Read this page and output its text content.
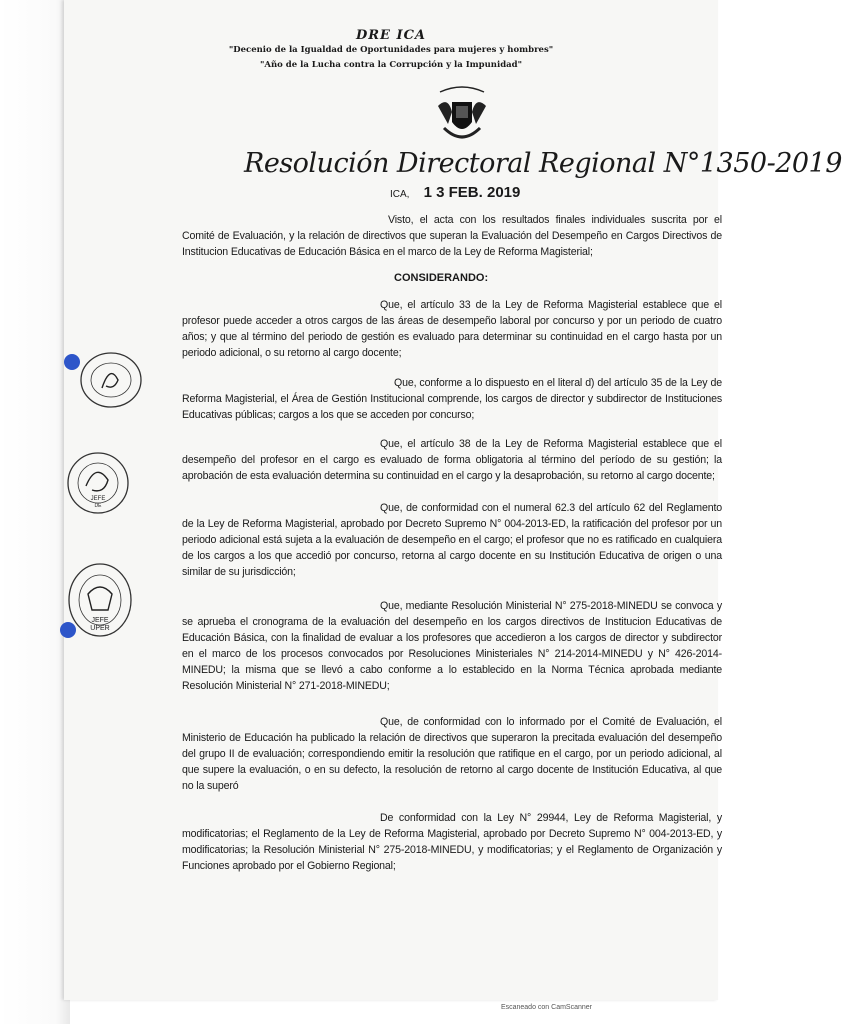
DRE ICA
"Decenio de la Igualdad de Oportunidades para mujeres y hombres"
"Año de la Lucha contra la Corrupción y la Impunidad"
Resolución Directoral Regional N°1350-2019
ICA, 1 3 FEB. 2019
Visto, el acta con los resultados finales individuales suscrita por el Comité de Evaluación, y la relación de directivos que superan la Evaluación del Desempeño en Cargos Directivos de Institucion Educativas de Educación Básica en el marco de la Ley de Reforma Magisterial;
CONSIDERANDO:
Que, el artículo 33 de la Ley de Reforma Magisterial establece que el profesor puede acceder a otros cargos de las áreas de desempeño laboral por concurso y por un periodo de cuatro años; y que al término del periodo de gestión es evaluado para determinar su continuidad en el cargo hasta por un periodo adicional, o su retorno al cargo docente;
Que, conforme a lo dispuesto en el literal d) del artículo 35 de la Ley de Reforma Magisterial, el Área de Gestión Institucional comprende, los cargos de director y subdirector de Instituciones Educativas públicas; cargos a los que se acceden por concurso;
Que, el artículo 38 de la Ley de Reforma Magisterial establece que el desempeño del profesor en el cargo es evaluado de forma obligatoria al término del período de su gestión; la aprobación de esta evaluación determina su continuidad en el cargo y la desaprobación, su retorno al cargo docente;
Que, de conformidad con el numeral 62.3 del artículo 62 del Reglamento de la Ley de Reforma Magisterial, aprobado por Decreto Supremo N° 004-2013-ED, la ratificación del profesor por un periodo adicional está sujeta a la evaluación de desempeño en el cargo; el profesor que no es ratificado en cualquiera de los cargos a los que accedió por concurso, retorna al cargo docente en su Institución Educativa de origen o una similar de su jurisdicción;
Que, mediante Resolución Ministerial N° 275-2018-MINEDU se convoca y se aprueba el cronograma de la evaluación del desempeño en los cargos directivos de Institucion Educativas de Educación Básica, con la finalidad de evaluar a los profesores que accedieron a los cargos de director y subdirector en el marco de los procesos convocados por Resoluciones Ministeriales N° 214-2014-MINEDU y N° 426-2014-MINEDU; la misma que se llevó a cabo conforme a lo establecido en la Norma Técnica aprobada mediante Resolución Ministerial N° 271-2018-MINEDU;
Que, de conformidad con lo informado por el Comité de Evaluación, el Ministerio de Educación ha publicado la relación de directivos que superaron la precitada evaluación del desempeño del grupo II de evaluación; correspondiendo emitir la resolución que ratifique en el cargo, por un periodo adicional, al que supere la evaluación, o en su defecto, la resolución de retorno al cargo docente de Institución Educativa, al que no la superó
De conformidad con la Ley N° 29944, Ley de Reforma Magisterial, y modificatorias; el Reglamento de la Ley de Reforma Magisterial, aprobado por Decreto Supremo N° 004-2013-ED, y modificatorias; la Resolución Ministerial N° 275-2018-MINEDU, y modificatorias; y el Reglamento de Organización y Funciones aprobado por el Gobierno Regional;
JEFE
DE
JEFE
UPER
Escaneado con CamScanner
